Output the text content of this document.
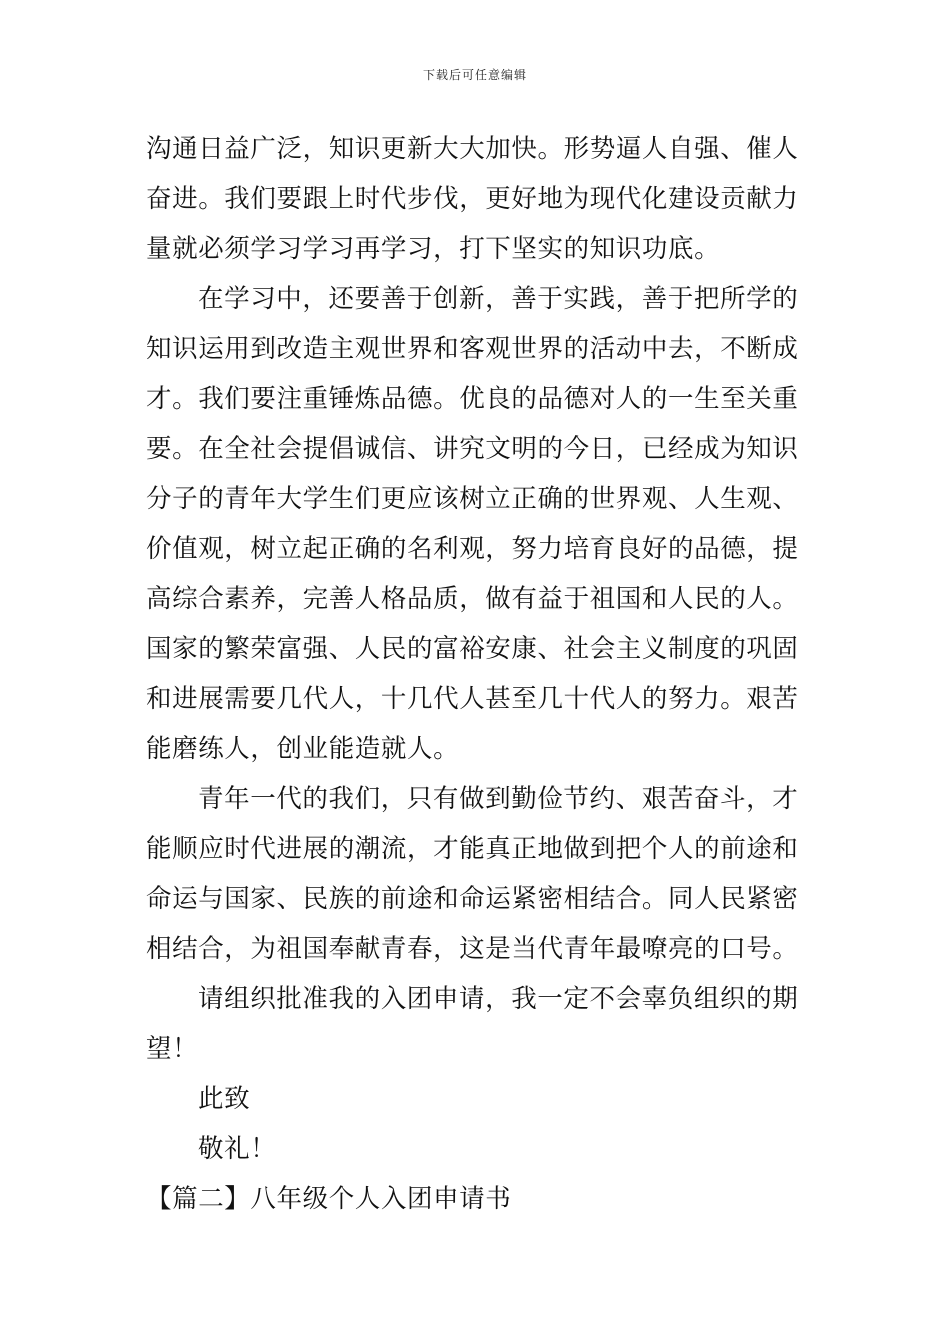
下载后可任意编辑
沟通日益广泛，知识更新大大加快。形势逼人自强、催人
奋进。我们要跟上时代步伐，更好地为现代化建设贡献力
量就必须学习学习再学习，打下坚实的知识功底。
在学习中，还要善于创新，善于实践，善于把所学的
知识运用到改造主观世界和客观世界的活动中去，不断成
才。我们要注重锤炼品德。优良的品德对人的一生至关重
要。在全社会提倡诚信、讲究文明的今日，已经成为知识
分子的青年大学生们更应该树立正确的世界观、人生观、
价值观，树立起正确的名利观，努力培育良好的品德，提
高综合素养，完善人格品质，做有益于祖国和人民的人。
国家的繁荣富强、人民的富裕安康、社会主义制度的巩固
和进展需要几代人，十几代人甚至几十代人的努力。艰苦
能磨练人，创业能造就人。
青年一代的我们，只有做到勤俭节约、艰苦奋斗，才
能顺应时代进展的潮流，才能真正地做到把个人的前途和
命运与国家、民族的前途和命运紧密相结合。同人民紧密
相结合，为祖国奉献青春，这是当代青年最嘹亮的口号。
请组织批准我的入团申请，我一定不会辜负组织的期
望！
此致
敬礼！
【篇二】八年级个人入团申请书
